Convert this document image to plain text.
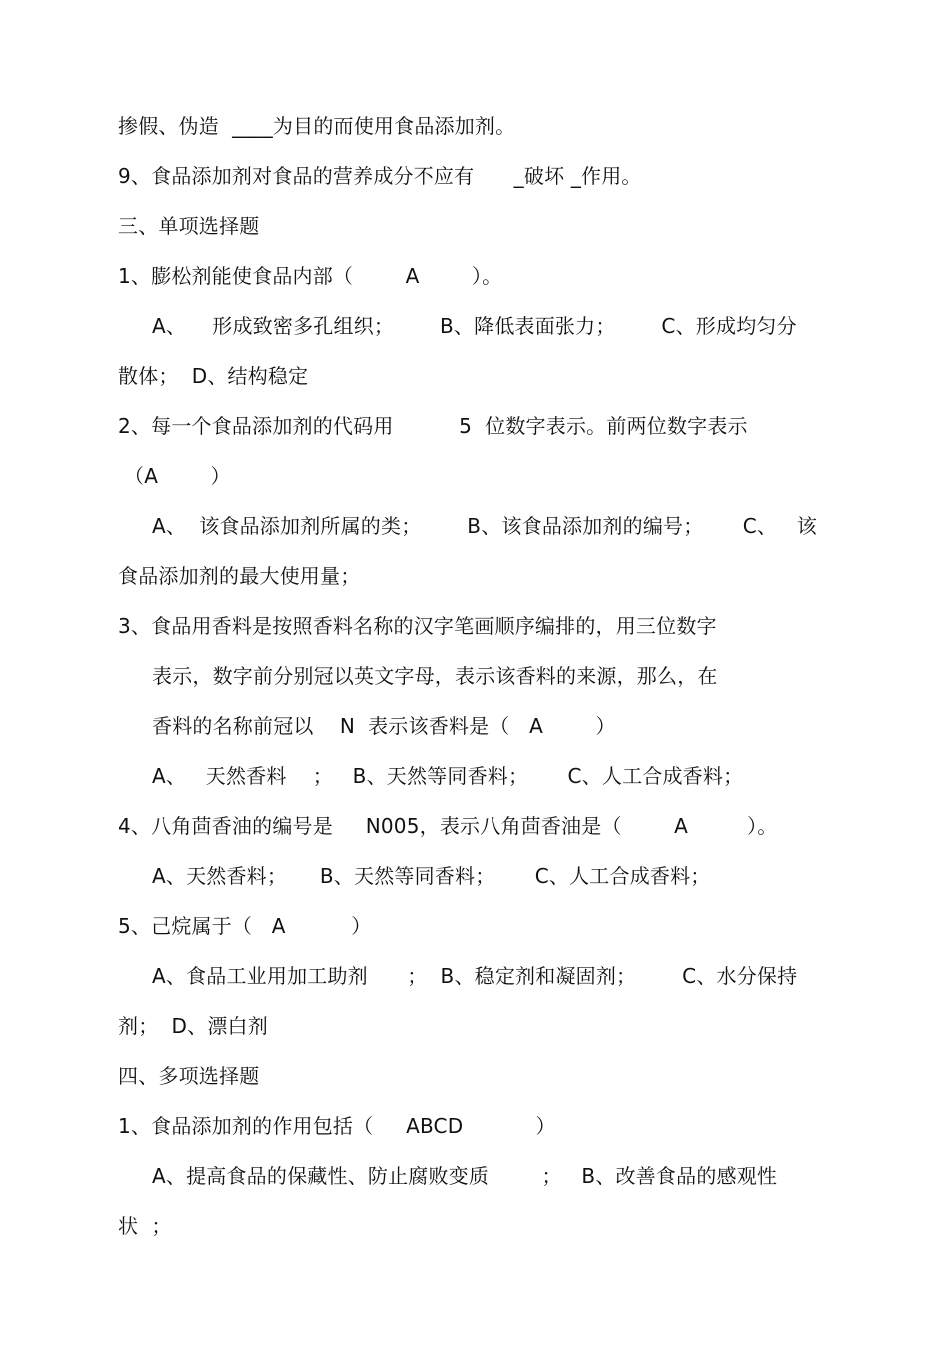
掺假、伪造  ____为目的而使用食品添加剂。
9、食品添加剂对食品的营养成分不应有      _破坏 _作用。
三、单项选择题
1、膨松剂能使食品内部（        A        ）。
A、    形成致密多孔组织；       B、降低表面张力；       C、形成均匀分
散体；  D、结构稳定
2、每一个食品添加剂的代码用          5  位数字表示。前两位数字表示
（A        ）
A、  该食品添加剂所属的类；       B、该食品添加剂的编号；      C、   该
食品添加剂的最大使用量；
3、食品用香料是按照香料名称的汉字笔画顺序编排的，用三位数字
表示，数字前分别冠以英文字母，表示该香料的来源，那么，在
香料的名称前冠以    N  表示该香料是（   A        ）
A、   天然香料    ；   B、天然等同香料；      C、人工合成香料；
4、八角茴香油的编号是     N005，表示八角茴香油是（        A         ）。
A、天然香料；     B、天然等同香料；      C、人工合成香料；
5、己烷属于（   A          ）
A、食品工业用加工助剂      ；  B、稳定剂和凝固剂；       C、水分保持
剂；  D、漂白剂
四、多项选择题
1、食品添加剂的作用包括（     ABCD           ）
A、提高食品的保藏性、防止腐败变质        ；   B、改善食品的感观性
状  ；
